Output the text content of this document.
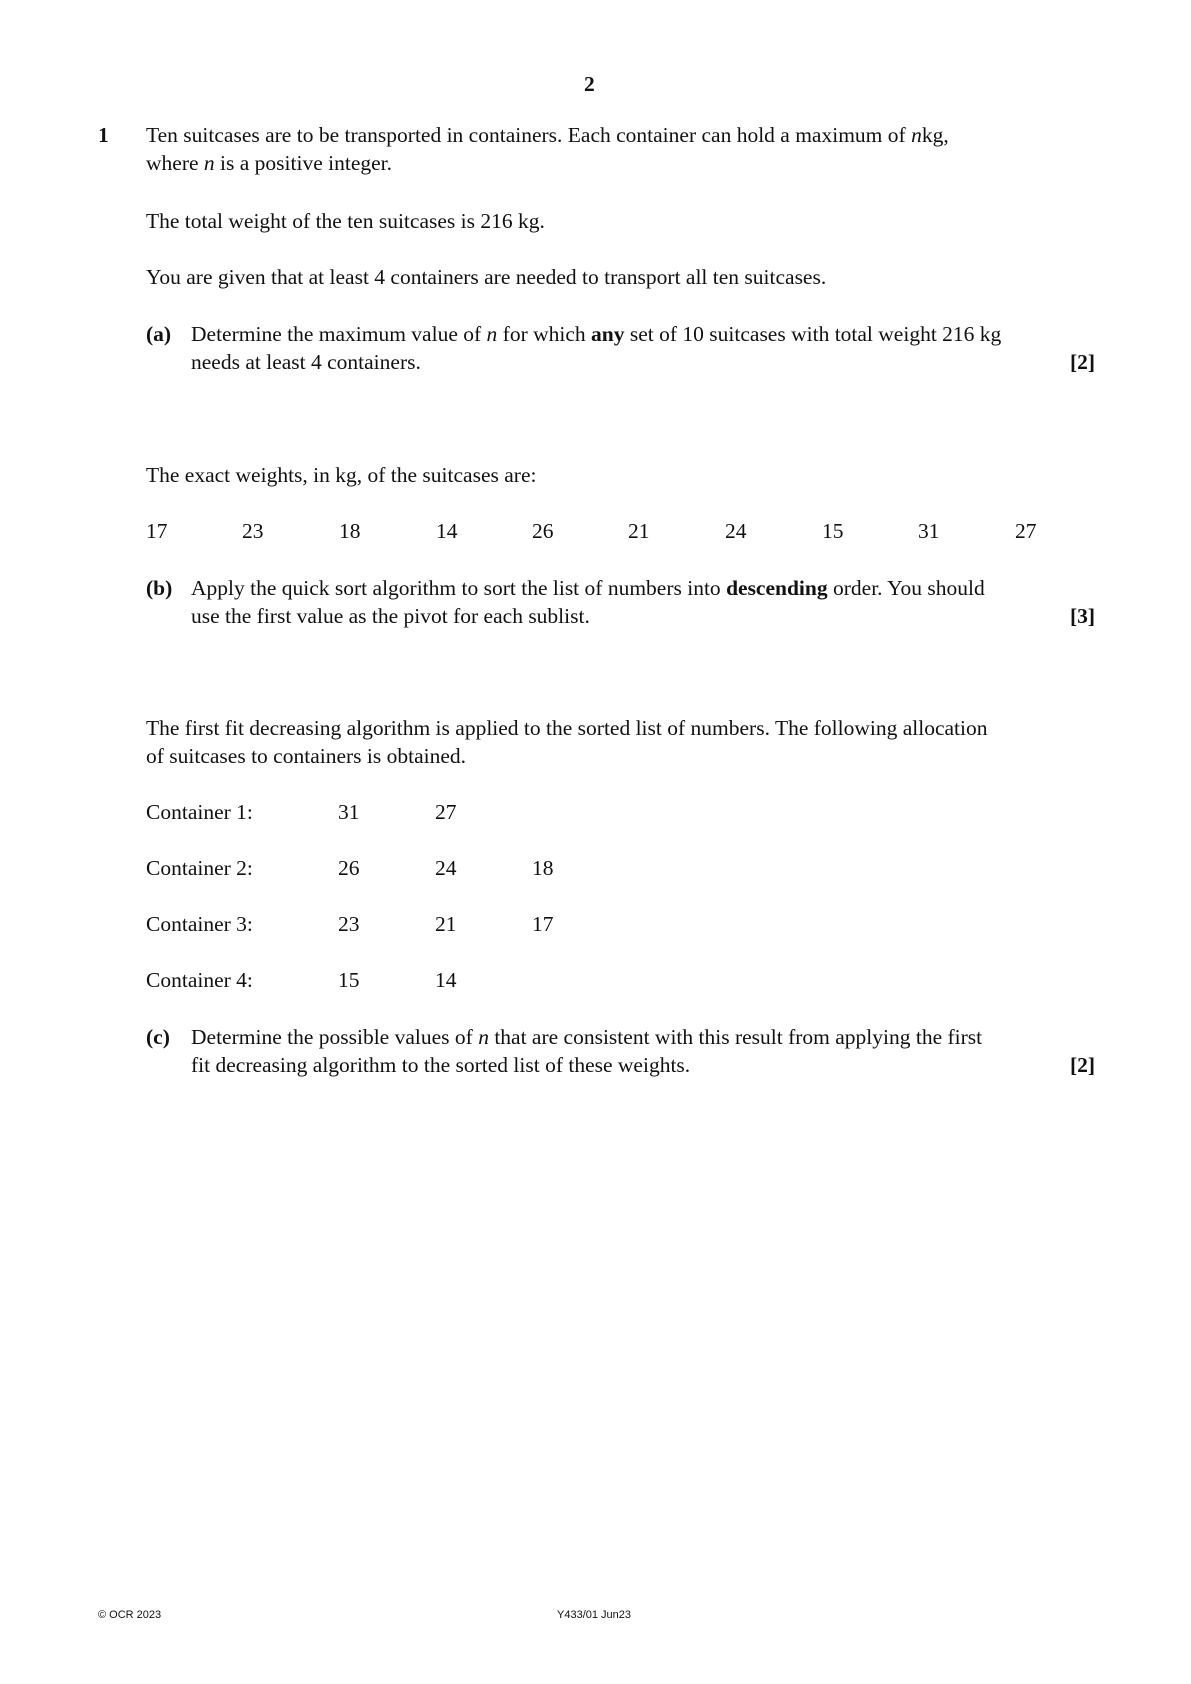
2
1 Ten suitcases are to be transported in containers. Each container can hold a maximum of nkg,
where n is a positive integer.
The total weight of the ten suitcases is 216 kg.
You are given that at least 4 containers are needed to transport all ten suitcases.
(a) Determine the maximum value of n for which any set of 10 suitcases with total weight 216 kg
needs at least 4 containers.	[2]
The exact weights, in kg, of the suitcases are:
17	23	18	14	26	21	24	15	31	27
(b) Apply the quick sort algorithm to sort the list of numbers into descending order. You should
use the first value as the pivot for each sublist.	[3]
The first fit decreasing algorithm is applied to the sorted list of numbers. The following allocation
of suitcases to containers is obtained.
Container 1:	31	27
Container 2:	26	24	18
Container 3:	23	21	17
Container 4:	15	14
(c) Determine the possible values of n that are consistent with this result from applying the first
fit decreasing algorithm to the sorted list of these weights.	[2]
© OCR 2023	Y433/01 Jun23
